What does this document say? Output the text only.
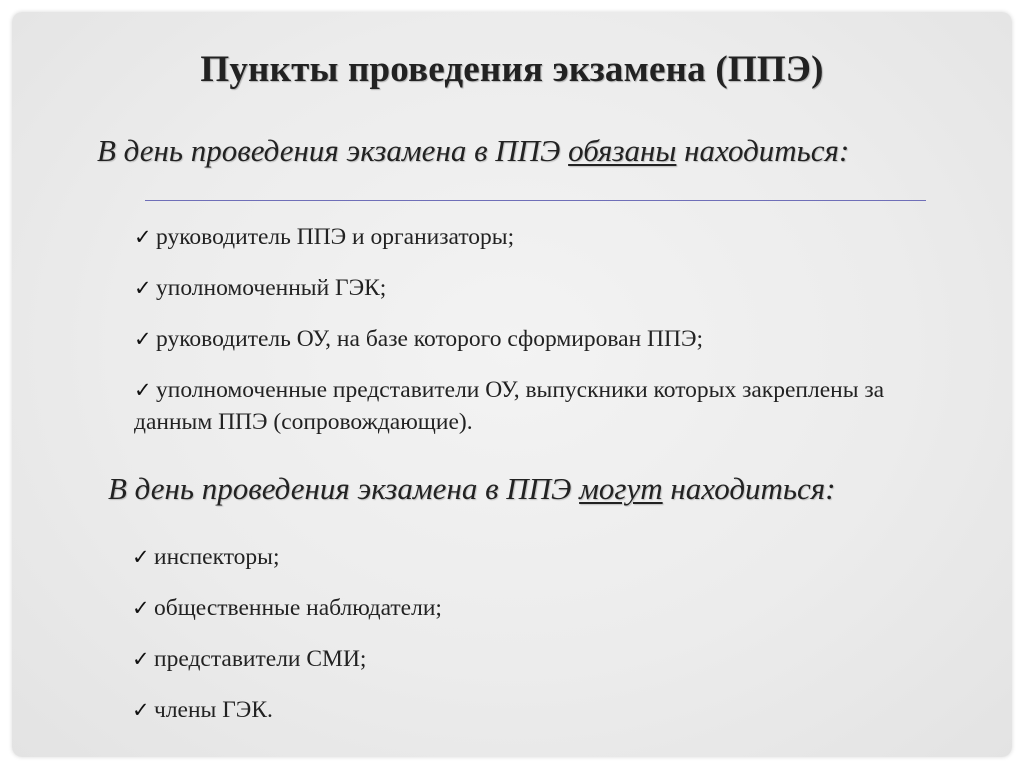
Пункты проведения экзамена (ППЭ)
В день проведения экзамена в ППЭ обязаны находиться:
✓ руководитель ППЭ и организаторы;
✓ уполномоченный ГЭК;
✓ руководитель ОУ, на базе которого сформирован ППЭ;
✓ уполномоченные представители ОУ, выпускники которых закреплены за данным ППЭ (сопровождающие).
В день проведения экзамена в ППЭ могут находиться:
✓ инспекторы;
✓ общественные наблюдатели;
✓ представители СМИ;
✓ члены ГЭК.
